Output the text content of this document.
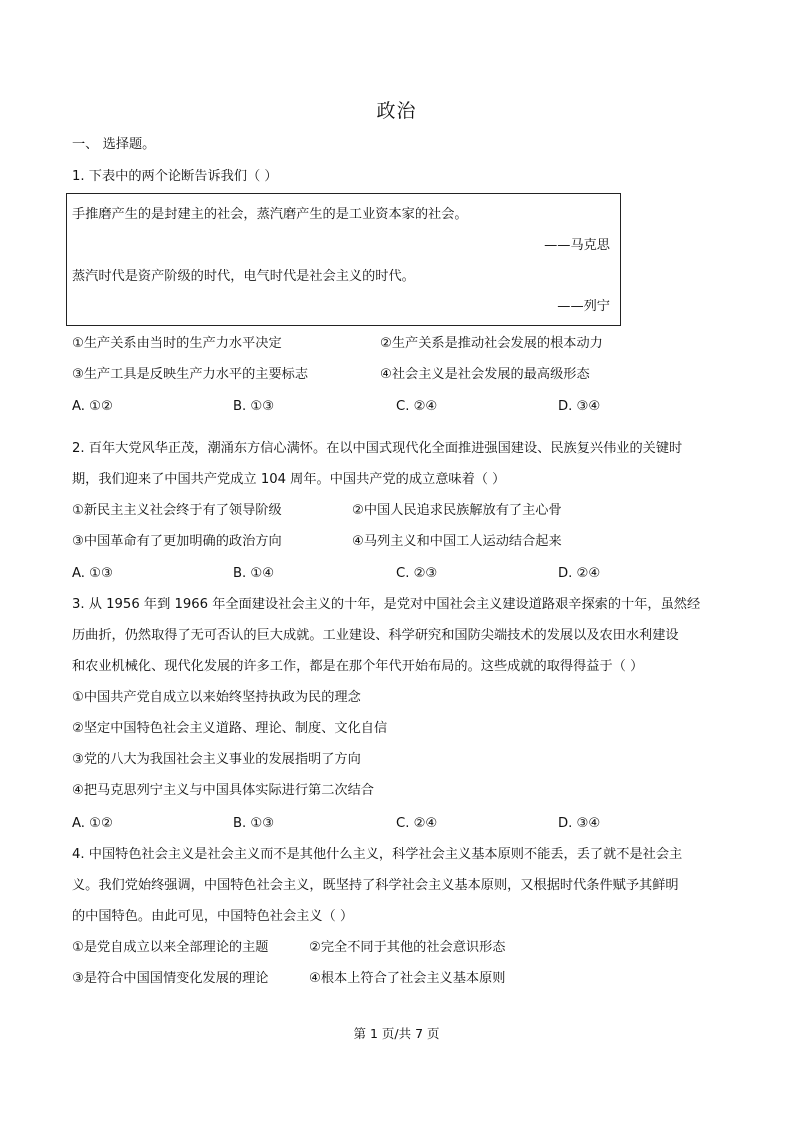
政治
一、 选择题。
1. 下表中的两个论断告诉我们（ ）
手推磨产生的是封建主的社会，蒸汽磨产生的是工业资本家的社会。
——马克思
蒸汽时代是资产阶级的时代，电气时代是社会主义的时代。
——列宁
①生产关系由当时的生产力水平决定	②生产关系是推动社会发展的根本动力
③生产工具是反映生产力水平的主要标志	④社会主义是社会发展的最高级形态
A. ①②	B. ①③	C. ②④	D. ③④
2. 百年大党风华正茂，潮涌东方信心满怀。在以中国式现代化全面推进强国建设、民族复兴伟业的关键时
期，我们迎来了中国共产党成立 104 周年。中国共产党的成立意味着（ ）
①新民主主义社会终于有了领导阶级	②中国人民追求民族解放有了主心骨
③中国革命有了更加明确的政治方向	④马列主义和中国工人运动结合起来
A. ①③	B. ①④	C. ②③	D. ②④
3. 从 1956 年到 1966 年全面建设社会主义的十年，是党对中国社会主义建设道路艰辛探索的十年，虽然经
历曲折，仍然取得了无可否认的巨大成就。工业建设、科学研究和国防尖端技术的发展以及农田水利建设
和农业机械化、现代化发展的许多工作，都是在那个年代开始布局的。这些成就的取得得益于（ ）
①中国共产党自成立以来始终坚持执政为民的理念
②坚定中国特色社会主义道路、理论、制度、文化自信
③党的八大为我国社会主义事业的发展指明了方向
④把马克思列宁主义与中国具体实际进行第二次结合
A. ①②	B. ①③	C. ②④	D. ③④
4. 中国特色社会主义是社会主义而不是其他什么主义，科学社会主义基本原则不能丢，丢了就不是社会主
义。我们党始终强调，中国特色社会主义，既坚持了科学社会主义基本原则，又根据时代条件赋予其鲜明
的中国特色。由此可见，中国特色社会主义（ ）
①是党自成立以来全部理论的主题	②完全不同于其他的社会意识形态
③是符合中国国情变化发展的理论	④根本上符合了社会主义基本原则
第 1 页/共 7 页
